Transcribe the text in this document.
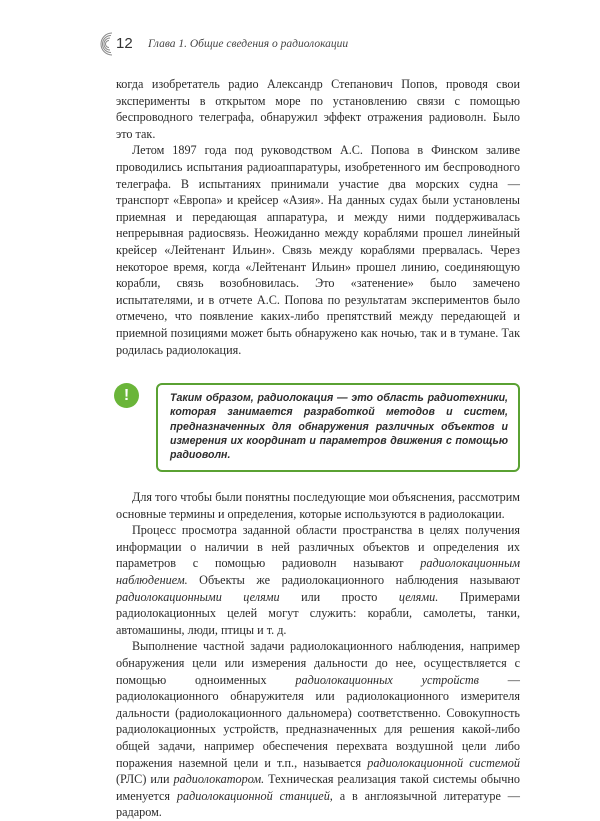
12 Глава 1. Общие сведения о радиолокации

когда изобретатель радио Александр Степанович Попов, проводя свои эксперименты в открытом море по установлению связи с помощью беспроводного телеграфа, обнаружил эффект отражения радиоволн. Было это так.

Летом 1897 года под руководством А.С. Попова в Финском заливе проводились испытания радиоаппаратуры, изобретенного им беспроводного телеграфа. В испытаниях принимали участие два морских судна — транспорт «Европа» и крейсер «Азия». На данных судах были установлены приемная и передающая аппаратура, и между ними поддерживалась непрерывная радиосвязь. Неожиданно между кораблями прошел линейный крейсер «Лейтенант Ильин». Связь между кораблями прервалась. Через некоторое время, когда «Лейтенант Ильин» прошел линию, соединяющую корабли, связь возобновилась. Это «затенение» было замечено испытателями, и в отчете А.С. Попова по результатам экспериментов было отмечено, что появление каких-либо препятствий между передающей и приемной позициями может быть обнаружено как ночью, так и в тумане. Так родилась радиолокация.

!	Таким образом, радиолокация — это область радиотехники, которая занимается разработкой методов и систем, предназначенных для обнаружения различных объектов и измерения их координат и параметров движения с помощью радиоволн.

Для того чтобы были понятны последующие мои объяснения, рассмотрим основные термины и определения, которые используются в радиолокации.

Процесс просмотра заданной области пространства в целях получения информации о наличии в ней различных объектов и определения их параметров с помощью радиоволн называют радиолокационным наблюдением. Объекты же радиолокационного наблюдения называют радиолокационными целями или просто целями. Примерами радиолокационных целей могут служить: корабли, самолеты, танки, автомашины, люди, птицы и т. д.

Выполнение частной задачи радиолокационного наблюдения, например обнаружения цели или измерения дальности до нее, осуществляется с помощью одноименных радиолокационных устройств — радиолокационного обнаружителя или радиолокационного измерителя дальности (радиолокационного дальномера) соответственно. Совокупность радиолокационных устройств, предназначенных для решения какой-либо общей задачи, например обеспечения перехвата воздушной цели либо поражения наземной цели и т.п., называется радиолокационной системой (РЛС) или радиолокатором. Техническая реализация такой системы обычно именуется радиолокационной станцией, а в англоязычной литературе — радаром.
